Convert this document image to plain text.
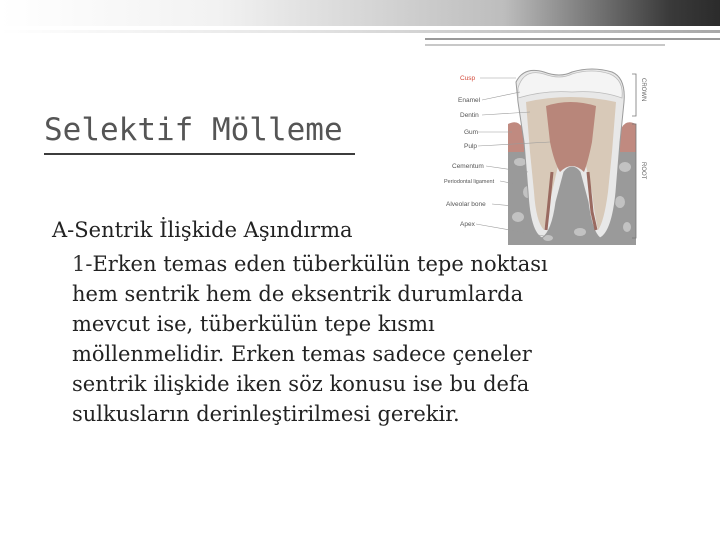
Selektif Mölleme
Cusp
Enamel
Dentin
Gum
Pulp
Cementum
Periodontal ligament
Alveolar bone
Apex
CROWN
ROOT
A-Sentrik İlişkide Aşındırma
1-Erken temas eden tüberkülün tepe noktası
hem sentrik hem de eksentrik durumlarda
mevcut ise, tüberkülün tepe kısmı
möllenmelidir. Erken temas sadece çeneler
sentrik ilişkide iken söz konusu ise bu defa
sulkusların derinleştirilmesi gerekir.
